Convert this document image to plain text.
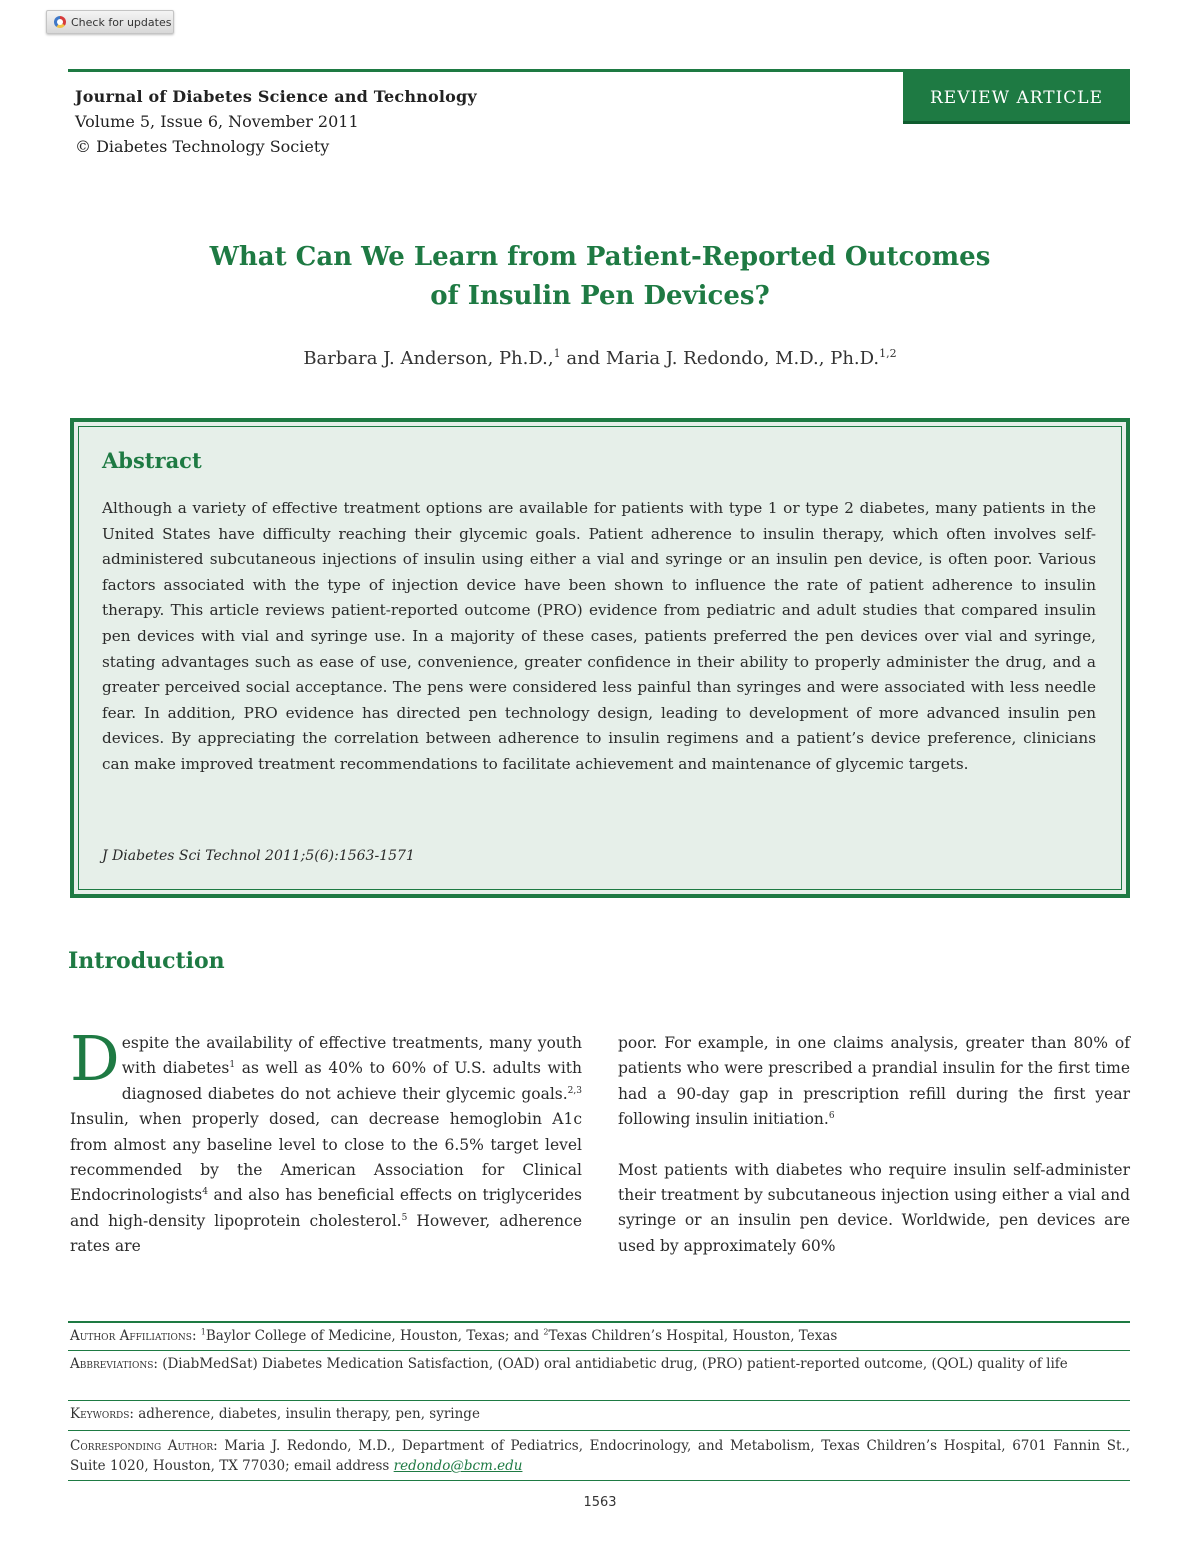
Check for updates
Journal of Diabetes Science and Technology
Volume 5, Issue 6, November 2011
© Diabetes Technology Society
REVIEW ARTICLE
What Can We Learn from Patient-Reported Outcomes
of Insulin Pen Devices?
Barbara J. Anderson, Ph.D.,$^1$ and Maria J. Redondo, M.D., Ph.D.$^{1,2}$
Abstract

Although a variety of effective treatment options are available for patients with type 1 or type 2 diabetes, many patients in the United States have difficulty reaching their glycemic goals. Patient adherence to insulin therapy, which often involves self-administered subcutaneous injections of insulin using either a vial and syringe or an insulin pen device, is often poor. Various factors associated with the type of injection device have been shown to influence the rate of patient adherence to insulin therapy. This article reviews patient-reported outcome (PRO) evidence from pediatric and adult studies that compared insulin pen devices with vial and syringe use. In a majority of these cases, patients preferred the pen devices over vial and syringe, stating advantages such as ease of use, convenience, greater confidence in their ability to properly administer the drug, and a greater perceived social acceptance. The pens were considered less painful than syringes and were associated with less needle fear. In addition, PRO evidence has directed pen technology design, leading to development of more advanced insulin pen devices. By appreciating the correlation between adherence to insulin regimens and a patient’s device preference, clinicians can make improved treatment recommendations to facilitate achievement and maintenance of glycemic targets.

J Diabetes Sci Technol 2011;5(6):1563-1571

Introduction

Despite the availability of effective treatments, many youth with diabetes$^1$ as well as 40% to 60% of U.S. adults with diagnosed diabetes do not achieve their glycemic goals.$^{2,3}$ Insulin, when properly dosed, can decrease hemoglobin A1c from almost any baseline level to close to the 6.5% target level recommended by the American Association for Clinical Endocrinologists$^4$ and also has beneficial effects on triglycerides and high-density lipoprotein cholesterol.$^5$ However, adherence rates are

poor. For example, in one claims analysis, greater than 80% of patients who were prescribed a prandial insulin for the first time had a 90-day gap in prescription refill during the first year following insulin initiation.$^6$

Most patients with diabetes who require insulin self-administer their treatment by subcutaneous injection using either a vial and syringe or an insulin pen device. Worldwide, pen devices are used by approximately 60%

Author Affiliations: $^1$Baylor College of Medicine, Houston, Texas; and $^2$Texas Children’s Hospital, Houston, Texas
Abbreviations: (DiabMedSat) Diabetes Medication Satisfaction, (OAD) oral antidiabetic drug, (PRO) patient-reported outcome, (QOL) quality of life
Keywords: adherence, diabetes, insulin therapy, pen, syringe
Corresponding Author: Maria J. Redondo, M.D., Department of Pediatrics, Endocrinology, and Metabolism, Texas Children’s Hospital, 6701 Fannin St., Suite 1020, Houston, TX 77030; email address redondo@bcm.edu
1563
